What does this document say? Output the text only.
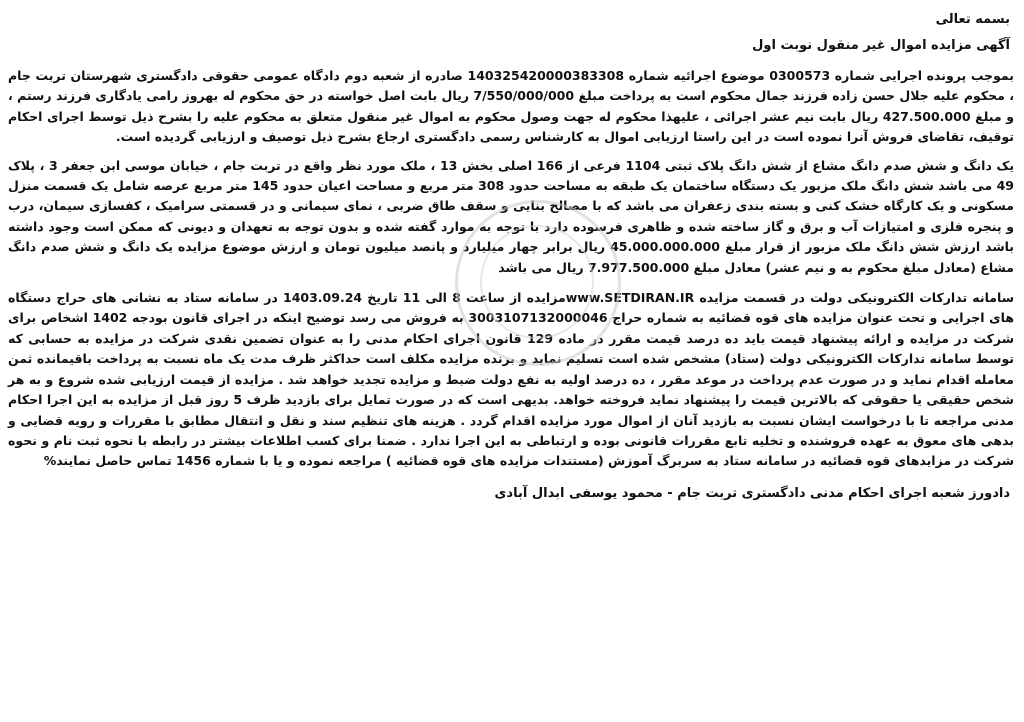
بسمه تعالی

آگهی مزایده اموال غیر منقول نوبت اول

بموجب پرونده اجرایی شماره 0300573 موضوع اجرائیه شماره 140325420000383308 صادره از شعبه دوم دادگاه عمومی حقوقی دادگستری شهرستان تربت جام ، محکوم علیه جلال حسن زاده فرزند جمال محکوم است به پرداخت مبلغ 7/550/000/000 ریال بابت اصل خواسته در حق محکوم له بهروز رامی یادگاری فرزند رستم ، و مبلغ 427.500.000 ریال بابت نیم عشر اجرائی ، علیهذا محکوم له جهت وصول محکوم به اموال غیر منقول متعلق به محکوم علیه را بشرح ذیل توسط اجرای احکام توقیف، تقاضای فروش آنرا نموده است در این راستا ارزیابی اموال به کارشناس رسمی دادگستری ارجاع بشرح ذیل توصیف و ارزیابی گردیده است.

یک دانگ و شش صدم دانگ مشاع از شش دانگ پلاک ثبتی 1104 فرعی از 166 اصلی بخش 13 ، ملک مورد نظر واقع در تربت جام ، خیابان موسی ابن جعفر 3 ، پلاک 49 می باشد شش دانگ ملک مزبور یک دستگاه ساختمان یک طبقه به مساحت حدود 308 متر مربع و مساحت اعیان حدود 145 متر مربع عرصه شامل یک قسمت منزل مسکونی و یک کارگاه خشک کنی و بسته بندی زعفران می باشد که با مصالح بنایی و سقف طاق ضربی ، نمای سیمانی و در قسمتی سرامیک ، کفسازی سیمان، درب و پنجره فلزی و امتیازات آب و برق و گاز ساخته شده و ظاهری فرسوده دارد با توجه به موارد گفته شده و بدون توجه به تعهدان و دیونی که ممکن است وجود داشته باشد ارزش شش دانگ ملک مزبور از قرار مبلغ 45.000.000.000 ریال برابر چهار میلیارد و پانصد میلیون تومان و ارزش موضوع مزایده یک دانگ و شش صدم دانگ مشاع (معادل مبلغ محکوم به و نیم عشر) معادل مبلغ 7.977.500.000 ریال می باشد

سامانه تدارکات الکترونیکی دولت در قسمت مزایده www.SETDIRAN.IRمزایده از ساعت 8 الی 11 تاریخ 1403.09.24 در سامانه ستاد به نشانی های حراج دستگاه های اجرایی و تحت عنوان مزایده های قوه قضائیه به شماره حراج 3003107132000046 به فروش می رسد توضیح اینکه در اجرای قانون بودجه 1402 اشخاص برای شرکت در مزایده و ارائه پیشنهاد قیمت باید ده درصد قیمت مقرر در ماده 129 قانون اجرای احکام مدنی را به عنوان تضمین نقدی شرکت در مزایده به حسابی که توسط سامانه تدارکات الکترونیکی دولت (ستاد) مشخص شده است تسلیم نماید و برنده مزایده مکلف است حداکثر ظرف مدت یک ماه نسبت به پرداخت باقیمانده ثمن معامله اقدام نماید و در صورت عدم پرداخت در موعد مقرر ، ده درصد اولیه به نفع دولت ضبط و مزایده تجدید خواهد شد . مزایده از قیمت ارزیابی شده شروع و به هر شخص حقیقی یا حقوقی که بالاترین قیمت را پیشنهاد نماید فروخته خواهد. بدیهی است که در صورت تمایل برای بازدید ظرف 5 روز قبل از مزایده به این اجرا احکام مدنی مراجعه تا با درخواست ایشان نسبت به بازدید آنان از اموال مورد مزایده اقدام گردد . هزینه های تنظیم سند و نقل و انتقال مطابق با مقررات و رویه قضایی و بدهی های معوق به عهده فروشنده و تخلیه تابع مقررات قانونی بوده و ارتباطی به این اجرا ندارد . ضمنا برای کسب اطلاعات بیشتر در رابطه با نحوه ثبت نام و نحوه شرکت در مزایدهای قوه قضائیه در سامانه ستاد به سربرگ آموزش (مستندات مزایده های قوه قضائیه ) مراجعه نموده و یا با شماره 1456 تماس حاصل نمایند%

دادورز شعبه اجرای احکام مدنی دادگستری تربت جام - محمود یوسفی ابدال آبادی
